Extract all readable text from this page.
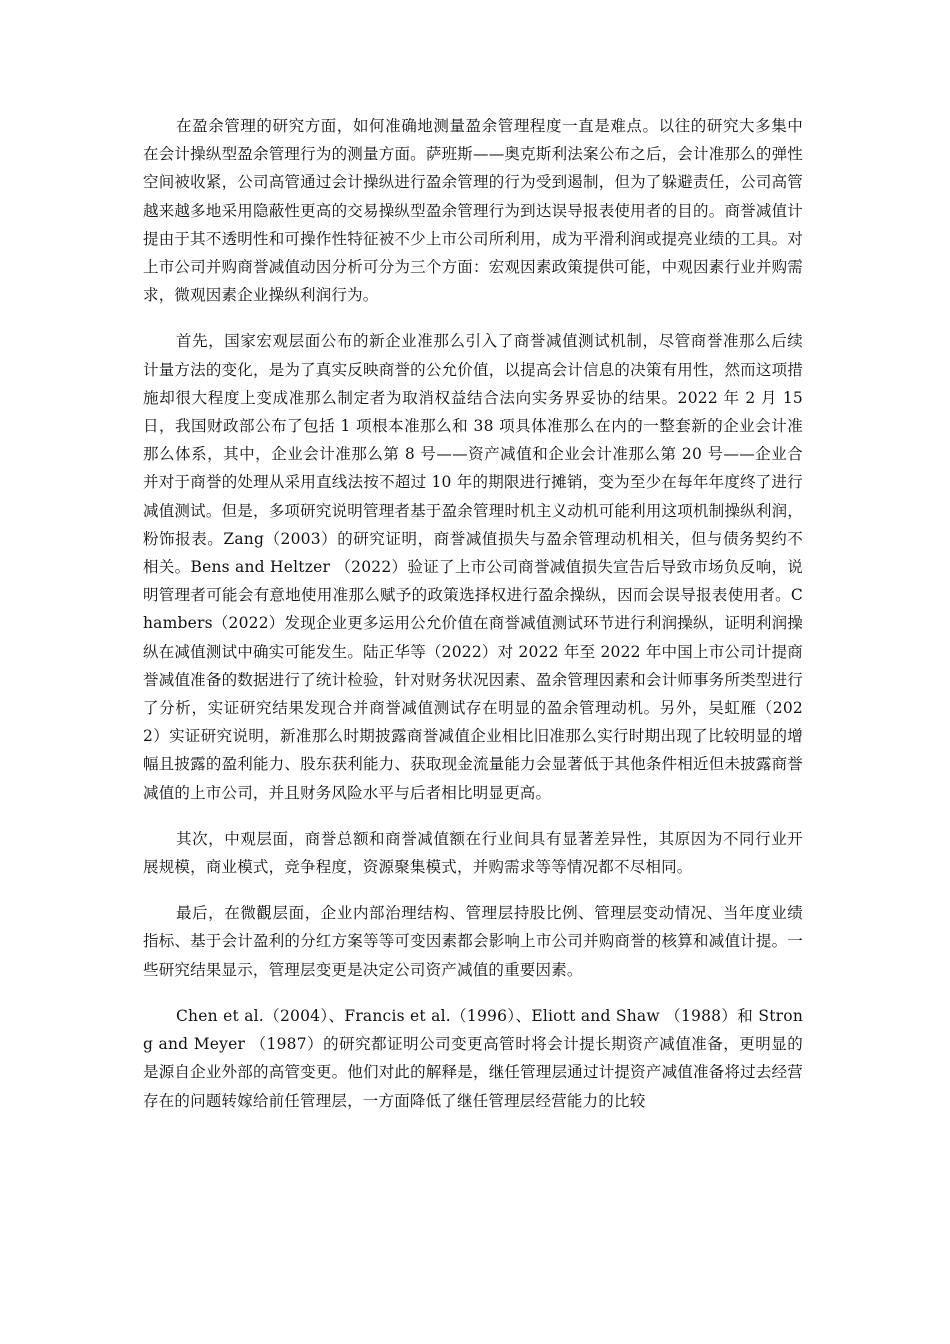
在盈余管理的研究方面，如何准确地测量盈余管理程度一直是难点。以往的研究大多集中在会计操纵型盈余管理行为的测量方面。萨班斯——奥克斯利法案公布之后，会计准那么的弹性空间被收紧，公司高管通过会计操纵进行盈余管理的行为受到遏制，但为了躲避责任，公司高管越来越多地采用隐蔽性更高的交易操纵型盈余管理行为到达误导报表使用者的目的。商誉减值计提由于其不透明性和可操作性特征被不少上市公司所利用，成为平滑利润或提亮业绩的工具。对上市公司并购商誉减值动因分析可分为三个方面：宏观因素政策提供可能，中观因素行业并购需求，微观因素企业操纵利润行为。

首先，国家宏观层面公布的新企业准那么引入了商誉减值测试机制，尽管商誉准那么后续计量方法的变化，是为了真实反映商誉的公允价值，以提高会计信息的决策有用性，然而这项措施却很大程度上变成准那么制定者为取消权益结合法向实务界妥协的结果。2022 年 2 月 15 日，我国财政部公布了包括 1 项根本准那么和 38 项具体准那么在内的一整套新的企业会计准那么体系，其中，企业会计准那么第 8 号——资产减值和企业会计准那么第 20 号——企业合并对于商誉的处理从采用直线法按不超过 10 年的期限进行摊销，变为至少在每年年度终了进行减值测试。但是，多项研究说明管理者基于盈余管理时机主义动机可能利用这项机制操纵利润，粉饰报表。Zang（2003）的研究证明，商誉减值损失与盈余管理动机相关，但与债务契约不相关。Bens and Heltzer （2022）验证了上市公司商誉减值损失宣告后导致市场负反响，说明管理者可能会有意地使用准那么赋予的政策选择权进行盈余操纵，因而会误导报表使用者。Chambers（2022）发现企业更多运用公允价值在商誉减值测试环节进行利润操纵，证明利润操纵在减值测试中确实可能发生。陆正华等（2022）对 2022 年至 2022 年中国上市公司计提商誉减值准备的数据进行了统计检验，针对财务状况因素、盈余管理因素和会计师事务所类型进行了分析，实证研究结果发现合并商誉减值测试存在明显的盈余管理动机。另外，吴虹雁（2022）实证研究说明，新准那么时期披露商誉减值企业相比旧准那么实行时期出现了比较明显的增幅且披露的盈利能力、股东获利能力、获取现金流量能力会显著低于其他条件相近但未披露商誉减值的上市公司，并且财务风险水平与后者相比明显更高。

其次，中观层面，商誉总额和商誉减值额在行业间具有显著差异性，其原因为不同行业开展规模，商业模式，竞争程度，资源聚集模式，并购需求等等情况都不尽相同。

最后，在微觀层面，企业内部治理结构、管理层持股比例、管理层变动情况、当年度业绩指标、基于会计盈利的分红方案等等可变因素都会影响上市公司并购商誉的核算和减值计提。一些研究结果显示，管理层变更是决定公司资产减值的重要因素。

Chen et al.（2004）、Francis et al.（1996）、Eliott and Shaw （1988）和 Strong and Meyer （1987）的研究都证明公司变更高管时将会计提长期资产减值准备，更明显的是源自企业外部的高管变更。他们对此的解释是，继任管理层通过计提资产减值准备将过去经营存在的问题转嫁给前任管理层，一方面降低了继任管理层经营能力的比较
